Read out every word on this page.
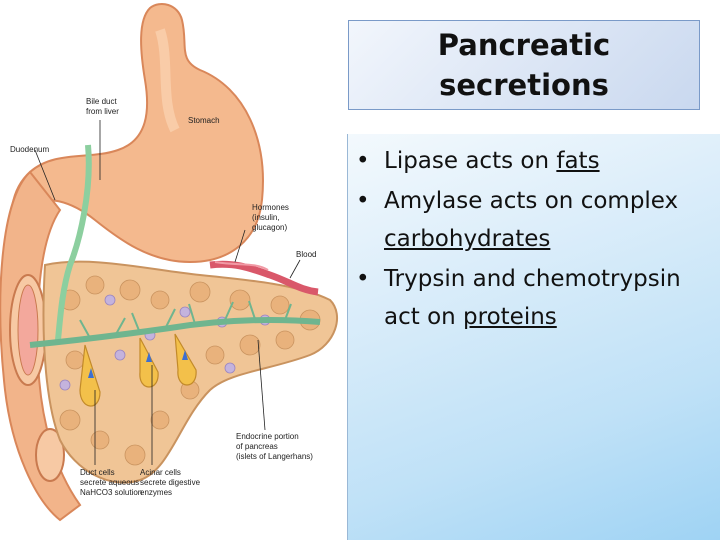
Bile duct
from liver
Stomach
Duodenum
Hormones
(insulin,
glucagon)
Blood
Endocrine portion
of pancreas
(islets of Langerhans)
Duct cells
secrete aqueous
NaHCO3 solution
Acinar cells
secrete digestive
enzymes
Pancreatic
secretions
• Lipase acts on fats
• Amylase acts on complex carbohydrates
• Trypsin and chemotrypsin act on proteins
